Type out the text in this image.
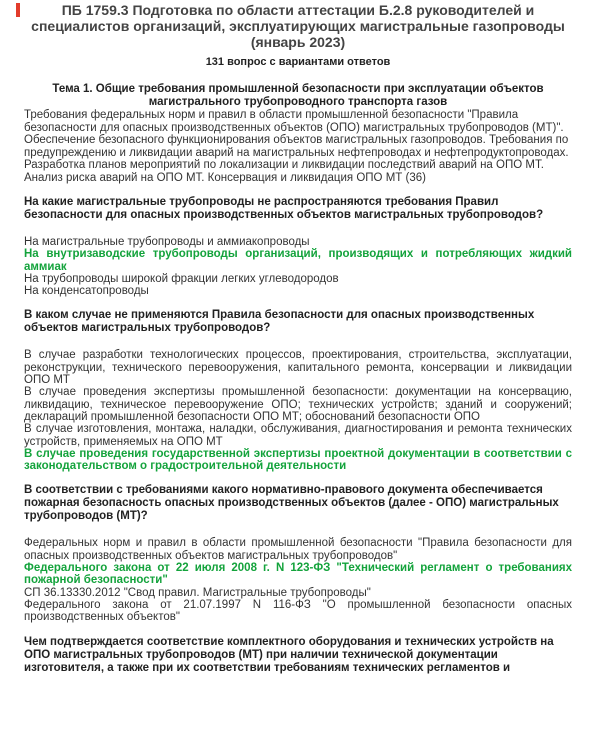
ПБ 1759.3 Подготовка по области аттестации Б.2.8 руководителей и специалистов организаций, эксплуатирующих магистральные газопроводы (январь 2023)
131 вопрос с вариантами ответов

Тема 1. Общие требования промышленной безопасности при эксплуатации объектов магистрального трубопроводного транспорта газов

Требования федеральных норм и правил в области промышленной безопасности "Правила безопасности для опасных производственных объектов (ОПО) магистральных трубопроводов (МТ)". Обеспечение безопасного функционирования объектов магистральных газопроводов. Требования по предупреждению и ликвидации аварий на магистральных нефтепроводах и нефтепродуктопроводах. Разработка планов мероприятий по локализации и ликвидации последствий аварий на ОПО МТ. Анализ риска аварий на ОПО МТ. Консервация и ликвидация ОПО МТ (36)

На какие магистральные трубопроводы не распространяются требования Правил безопасности для опасных производственных объектов магистральных трубопроводов?

На магистральные трубопроводы и аммиакопроводы
На внутризаводские трубопроводы организаций, производящих и потребляющих жидкий аммиак
На трубопроводы широкой фракции легких углеводородов
На конденсатопроводы

В каком случае не применяются Правила безопасности для опасных производственных объектов магистральных трубопроводов?

В случае разработки технологических процессов, проектирования, строительства, эксплуатации, реконструкции, технического перевооружения, капитального ремонта, консервации и ликвидации ОПО МТ
В случае проведения экспертизы промышленной безопасности: документации на консервацию, ликвидацию, техническое перевооружение ОПО; технических устройств; зданий и сооружений; деклараций промышленной безопасности ОПО МТ; обоснований безопасности ОПО
В случае изготовления, монтажа, наладки, обслуживания, диагностирования и ремонта технических устройств, применяемых на ОПО МТ
В случае проведения государственной экспертизы проектной документации в соответствии с законодательством о градостроительной деятельности

В соответствии с требованиями какого нормативно-правового документа обеспечивается пожарная безопасность опасных производственных объектов (далее - ОПО) магистральных трубопроводов (МТ)?

Федеральных норм и правил в области промышленной безопасности "Правила безопасности для опасных производственных объектов магистральных трубопроводов"
Федерального закона от 22 июля 2008 г. N 123-ФЗ "Технический регламент о требованиях пожарной безопасности"
СП 36.13330.2012 "Свод правил. Магистральные трубопроводы"
Федерального закона от 21.07.1997 N 116-ФЗ "О промышленной безопасности опасных производственных объектов"

Чем подтверждается соответствие комплектного оборудования и технических устройств на ОПО магистральных трубопроводов (МТ) при наличии технической документации изготовителя, а также при их соответствии требованиям технических регламентов и
